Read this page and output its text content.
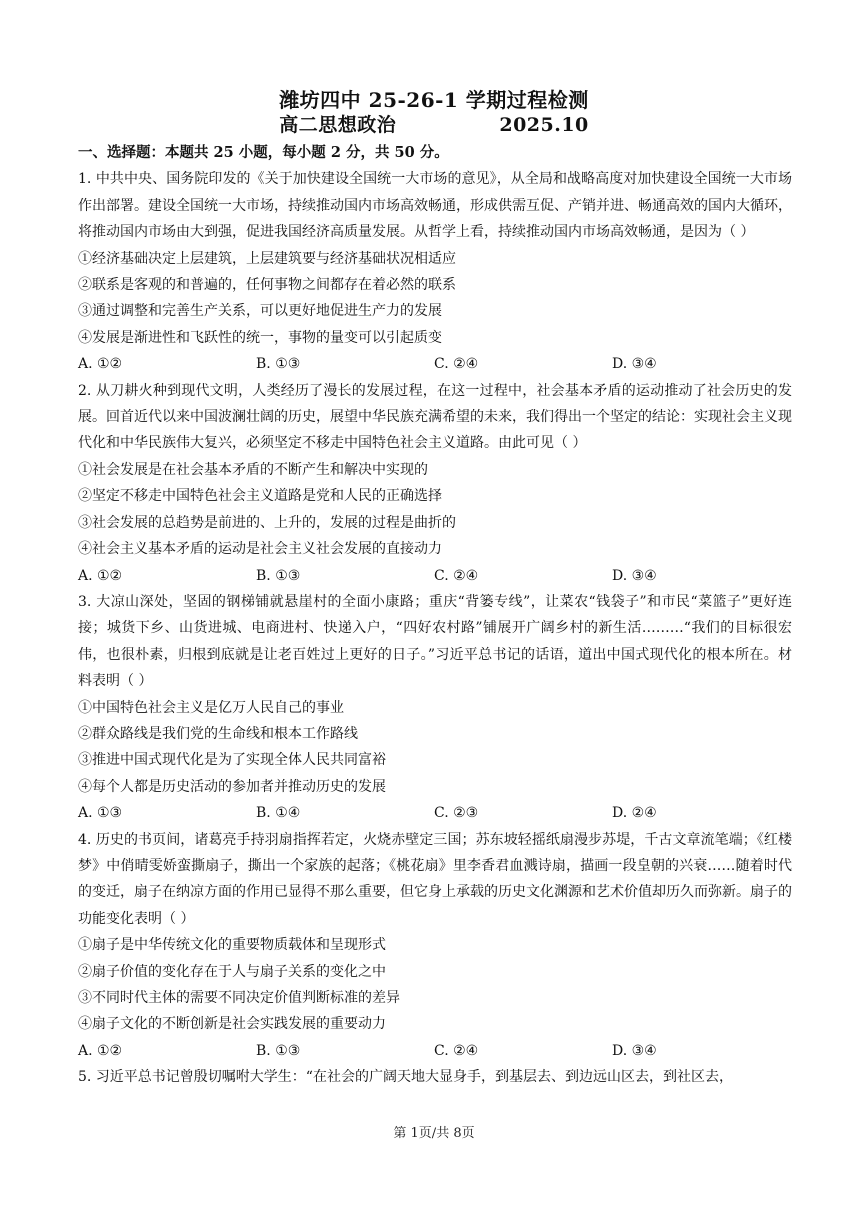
潍坊四中 25-26-1 学期过程检测
高二思想政治	2025.10
一、选择题：本题共 25 小题，每小题 2 分，共 50 分。
1. 中共中央、国务院印发的《关于加快建设全国统一大市场的意见》，从全局和战略高度对加快建设全国统一大市场作出部署。建设全国统一大市场，持续推动国内市场高效畅通，形成供需互促、产销并进、畅通高效的国内大循环，将推动国内市场由大到强，促进我国经济高质量发展。从哲学上看，持续推动国内市场高效畅通，是因为（ ）
①经济基础决定上层建筑，上层建筑要与经济基础状况相适应
②联系是客观的和普遍的，任何事物之间都存在着必然的联系
③通过调整和完善生产关系，可以更好地促进生产力的发展
④发展是渐进性和飞跃性的统一，事物的量变可以引起质变
A. ①②	B. ①③	C. ②④	D. ③④
2. 从刀耕火种到现代文明，人类经历了漫长的发展过程，在这一过程中，社会基本矛盾的运动推动了社会历史的发展。回首近代以来中国波澜壮阔的历史，展望中华民族充满希望的未来，我们得出一个坚定的结论：实现社会主义现代化和中华民族伟大复兴，必须坚定不移走中国特色社会主义道路。由此可见（ ）
①社会发展是在社会基本矛盾的不断产生和解决中实现的
②坚定不移走中国特色社会主义道路是党和人民的正确选择
③社会发展的总趋势是前进的、上升的，发展的过程是曲折的
④社会主义基本矛盾的运动是社会主义社会发展的直接动力
A. ①②	B. ①③	C. ②④	D. ③④
3. 大凉山深处，坚固的钢梯铺就悬崖村的全面小康路；重庆“背篓专线”，让菜农“钱袋子”和市民“菜篮子”更好连接；城货下乡、山货进城、电商进村、快递入户，“四好农村路”铺展开广阔乡村的新生活………“我们的目标很宏伟，也很朴素，归根到底就是让老百姓过上更好的日子。”习近平总书记的话语，道出中国式现代化的根本所在。材料表明（ ）
①中国特色社会主义是亿万人民自己的事业
②群众路线是我们党的生命线和根本工作路线
③推进中国式现代化是为了实现全体人民共同富裕
④每个人都是历史活动的参加者并推动历史的发展
A. ①③	B. ①④	C. ②③	D. ②④
4. 历史的书页间，诸葛亮手持羽扇指挥若定，火烧赤壁定三国；苏东坡轻摇纸扇漫步苏堤，千古文章流笔端；《红楼梦》中俏晴雯娇蛮撕扇子，撕出一个家族的起落；《桃花扇》里李香君血溅诗扇，描画一段皇朝的兴衰……随着时代的变迁，扇子在纳凉方面的作用已显得不那么重要，但它身上承载的历史文化渊源和艺术价值却历久而弥新。扇子的功能变化表明（ ）
①扇子是中华传统文化的重要物质载体和呈现形式
②扇子价值的变化存在于人与扇子关系的变化之中
③不同时代主体的需要不同决定价值判断标准的差异
④扇子文化的不断创新是社会实践发展的重要动力
A. ①②	B. ①③	C. ②④	D. ③④
5. 习近平总书记曾殷切嘱咐大学生：“在社会的广阔天地大显身手，到基层去、到边远山区去，到社区去，
第 1页/共 8页
